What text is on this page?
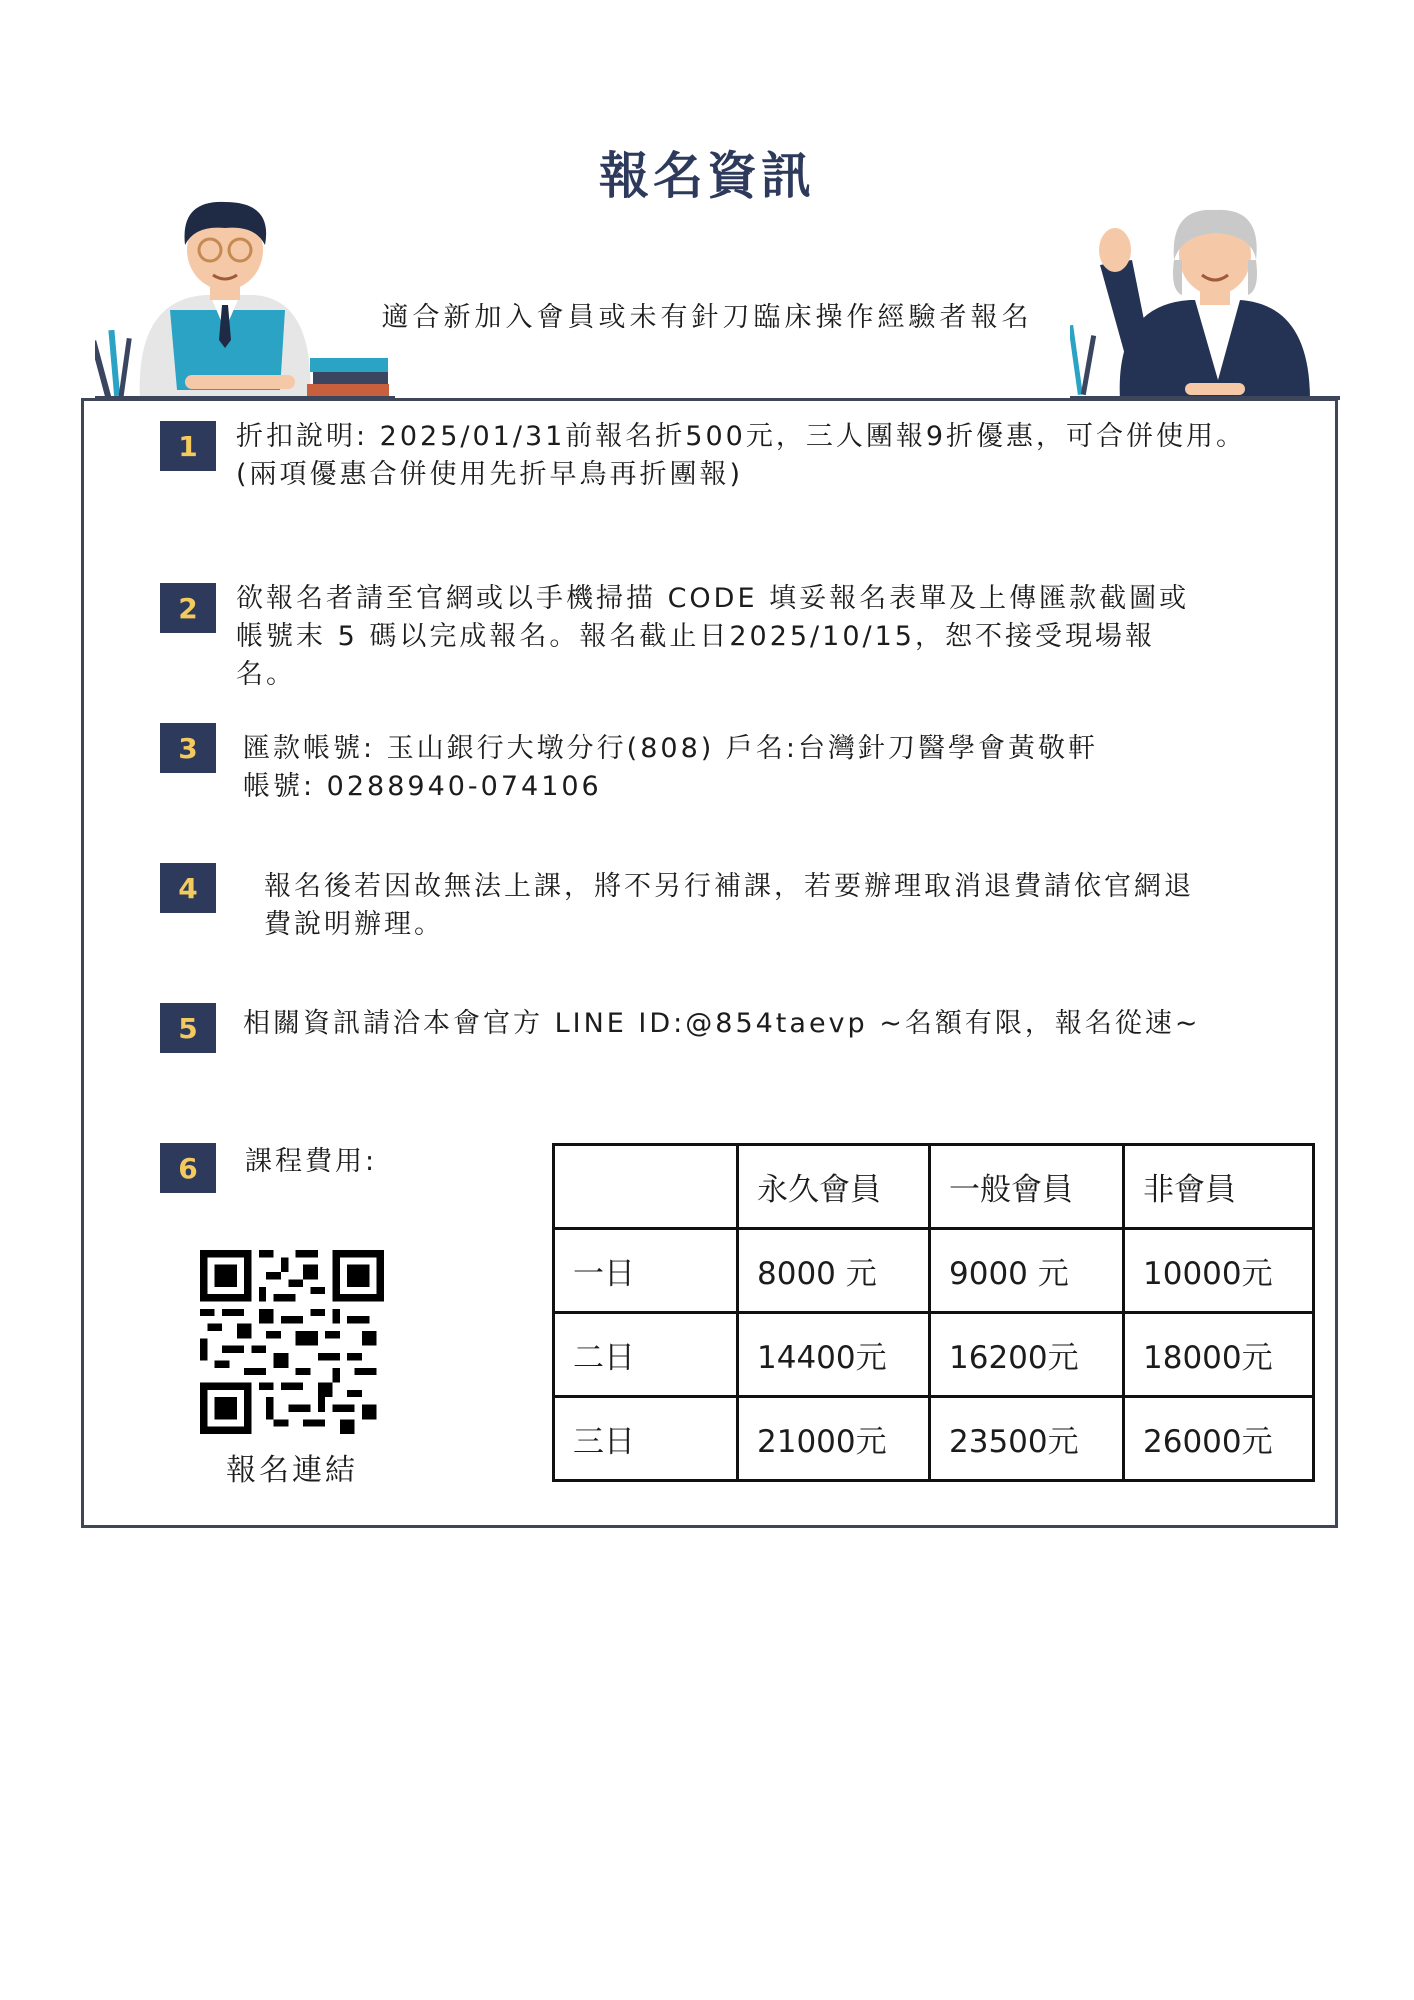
報名資訊
適合新加入會員或未有針刀臨床操作經驗者報名
1	折扣說明: 2025/01/31前報名折500元，三人團報9折優惠，可合併使用。
(兩項優惠合併使用先折早鳥再折團報)
2	欲報名者請至官網或以手機掃描 CODE 填妥報名表單及上傳匯款截圖或
帳號末 5 碼以完成報名。報名截止日2025/10/15，恕不接受現場報
名。
3	匯款帳號: 玉山銀行大墩分行(808) 戶名:台灣針刀醫學會黃敬軒
帳號: 0288940-074106
4	報名後若因故無法上課，將不另行補課，若要辦理取消退費請依官網退
費說明辦理。
5	相關資訊請洽本會官方 LINE ID:@854taevp ~名額有限，報名從速~
6	課程費用:
報名連結
	永久會員	一般會員	非會員
一日	8000 元	9000 元	10000元
二日	14400元	16200元	18000元
三日	21000元	23500元	26000元
